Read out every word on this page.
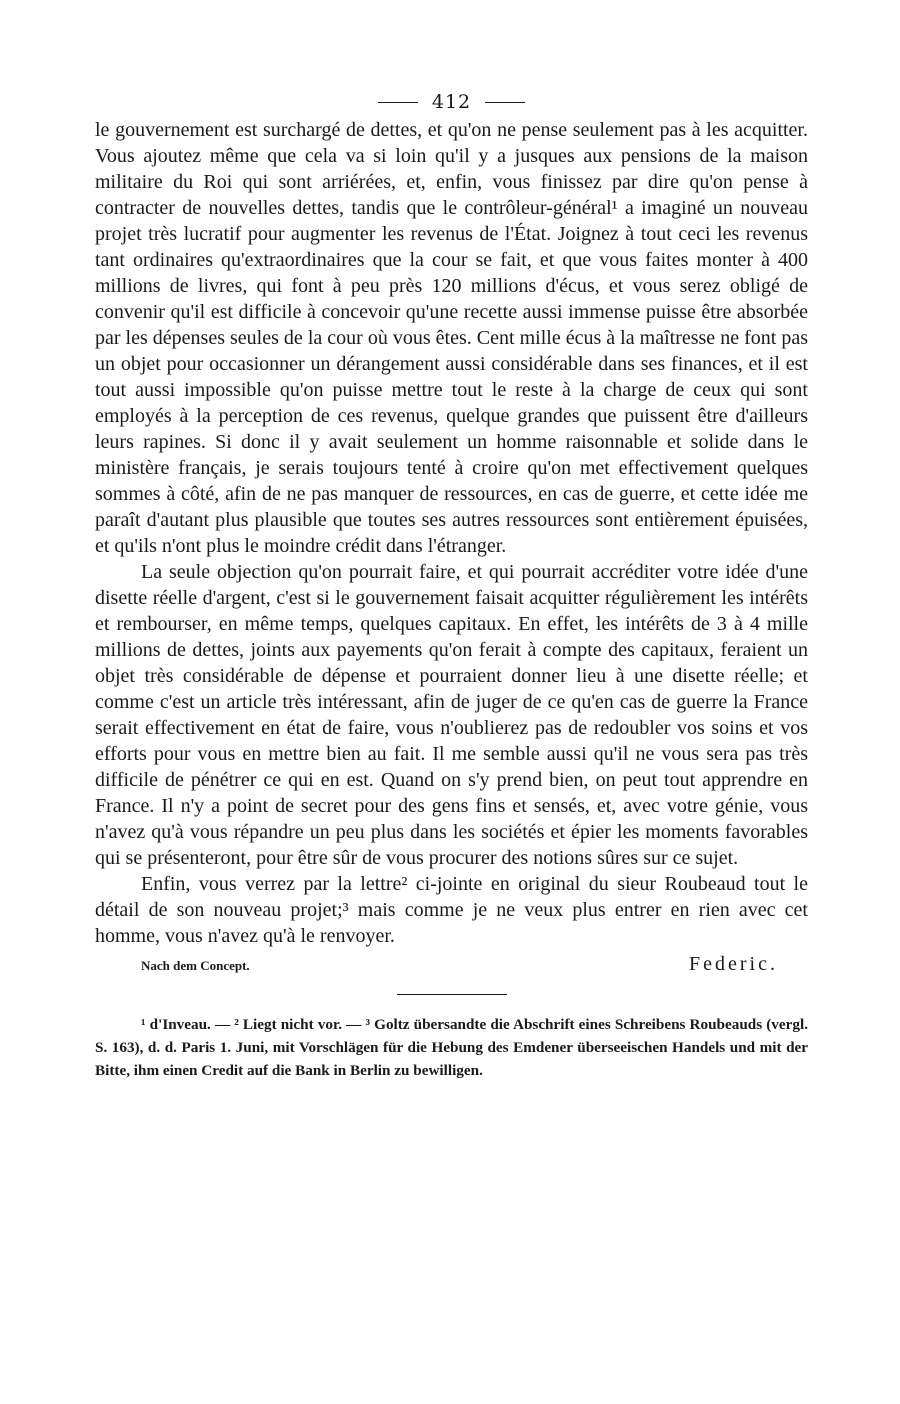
412

le gouvernement est surchargé de dettes, et qu'on ne pense seulement pas à les acquitter. Vous ajoutez même que cela va si loin qu'il y a jusques aux pensions de la maison militaire du Roi qui sont arriérées, et, enfin, vous finissez par dire qu'on pense à contracter de nouvelles dettes, tandis que le contrôleur-général¹ a imaginé un nouveau projet très lucratif pour augmenter les revenus de l'État. Joignez à tout ceci les revenus tant ordinaires qu'extraordinaires que la cour se fait, et que vous faites monter à 400 millions de livres, qui font à peu près 120 millions d'écus, et vous serez obligé de convenir qu'il est difficile à concevoir qu'une recette aussi immense puisse être absorbée par les dépenses seules de la cour où vous êtes. Cent mille écus à la maîtresse ne font pas un objet pour occasionner un dérangement aussi considérable dans ses finances, et il est tout aussi impossible qu'on puisse mettre tout le reste à la charge de ceux qui sont employés à la perception de ces revenus, quelque grandes que puissent être d'ailleurs leurs rapines. Si donc il y avait seulement un homme raisonnable et solide dans le ministère français, je serais toujours tenté à croire qu'on met effectivement quelques sommes à côté, afin de ne pas manquer de ressources, en cas de guerre, et cette idée me paraît d'autant plus plausible que toutes ses autres ressources sont entièrement épuisées, et qu'ils n'ont plus le moindre crédit dans l'étranger.

La seule objection qu'on pourrait faire, et qui pourrait accréditer votre idée d'une disette réelle d'argent, c'est si le gouvernement faisait acquitter régulièrement les intérêts et rembourser, en même temps, quelques capitaux. En effet, les intérêts de 3 à 4 mille millions de dettes, joints aux payements qu'on ferait à compte des capitaux, feraient un objet très considérable de dépense et pourraient donner lieu à une disette réelle; et comme c'est un article très intéressant, afin de juger de ce qu'en cas de guerre la France serait effectivement en état de faire, vous n'oublierez pas de redoubler vos soins et vos efforts pour vous en mettre bien au fait. Il me semble aussi qu'il ne vous sera pas très difficile de pénétrer ce qui en est. Quand on s'y prend bien, on peut tout apprendre en France. Il n'y a point de secret pour des gens fins et sensés, et, avec votre génie, vous n'avez qu'à vous répandre un peu plus dans les sociétés et épier les moments favorables qui se présenteront, pour être sûr de vous procurer des notions sûres sur ce sujet.

Enfin, vous verrez par la lettre² ci-jointe en original du sieur Roubeaud tout le détail de son nouveau projet;³ mais comme je ne veux plus entrer en rien avec cet homme, vous n'avez qu'à le renvoyer.

Nach dem Concept.	Federic.
¹ d'Inveau. — ² Liegt nicht vor. — ³ Goltz übersandte die Abschrift eines Schreibens Roubeauds (vergl. S. 163), d. d. Paris 1. Juni, mit Vorschlägen für die Hebung des Emdener überseeischen Handels und mit der Bitte, ihm einen Credit auf die Bank in Berlin zu bewilligen.
